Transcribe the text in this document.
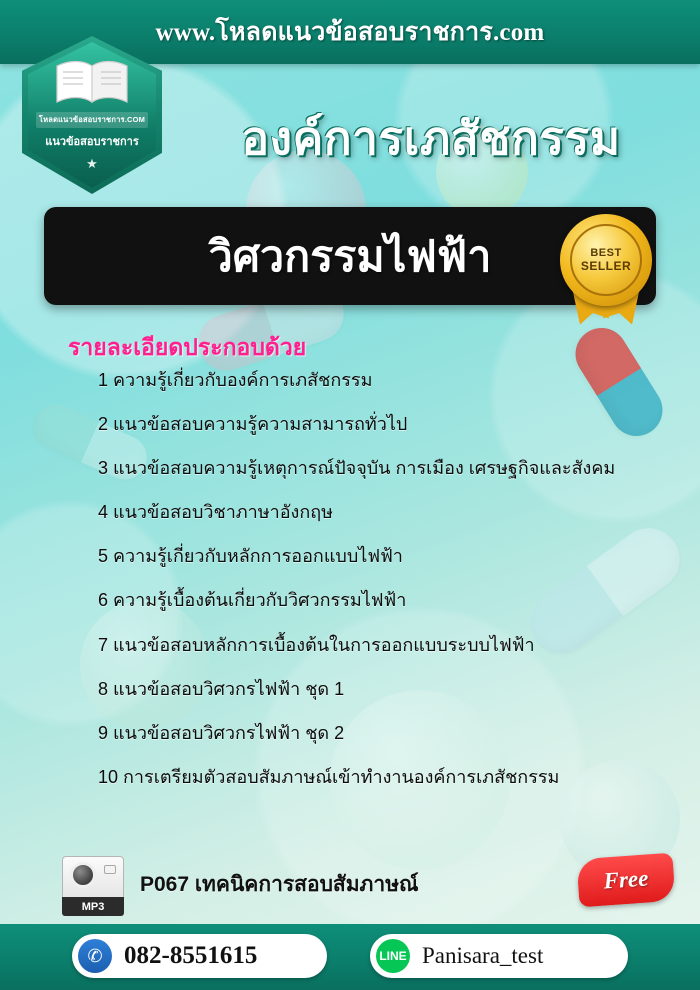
www.โหลดแนวข้อสอบราชการ.com
โหลดแนวข้อสอบราชการ.COM
แนวข้อสอบราชการ
★	องค์การเภสัชกรรม
วิศวกรรมไฟฟ้า	BEST
SELLER
รายละเอียดประกอบด้วย
1 ความรู้เกี่ยวกับองค์การเภสัชกรรม
2 แนวข้อสอบความรู้ความสามารถทั่วไป
3 แนวข้อสอบความรู้เหตุการณ์ปัจจุบัน การเมือง เศรษฐกิจและสังคม
4 แนวข้อสอบวิชาภาษาอังกฤษ
5 ความรู้เกี่ยวกับหลักการออกแบบไฟฟ้า
6 ความรู้เบื้องต้นเกี่ยวกับวิศวกรรมไฟฟ้า
7 แนวข้อสอบหลักการเบื้องต้นในการออกแบบระบบไฟฟ้า
8 แนวข้อสอบวิศวกรไฟฟ้า ชุด 1
9 แนวข้อสอบวิศวกรไฟฟ้า ชุด 2
10 การเตรียมตัวสอบสัมภาษณ์เข้าทำงานองค์การเภสัชกรรม
MP3
P067 เทคนิคการสอบสัมภาษณ์	Free
✆ 082-8551615	LINE Panisara_test
